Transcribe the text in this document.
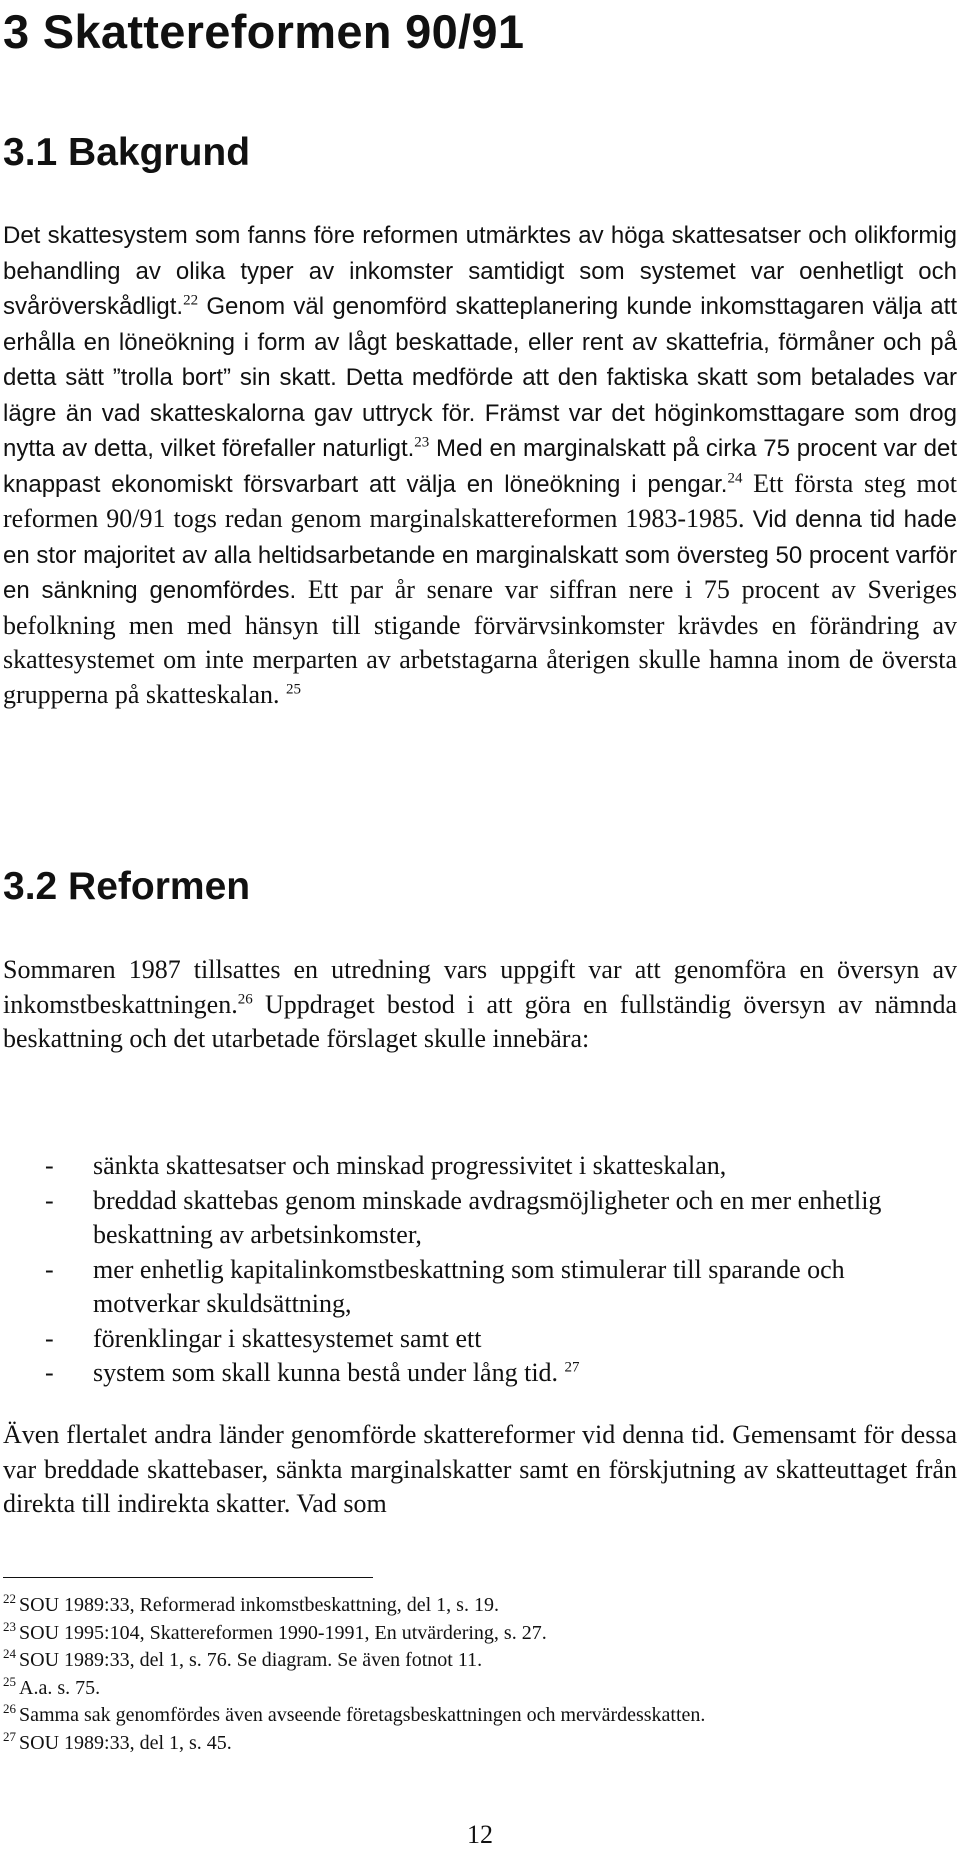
3 Skattereformen 90/91
3.1 Bakgrund

Det skattesystem som fanns före reformen utmärktes av höga skattesatser och olikformig behandling av olika typer av inkomster samtidigt som systemet var oenhetligt och svåröverskådligt.$^{22}$ Genom väl genomförd skatteplanering kunde inkomsttagaren välja att erhålla en löneökning i form av lågt beskattade, eller rent av skattefria, förmåner och på detta sätt ”trolla bort” sin skatt. Detta medförde att den faktiska skatt som betalades var lägre än vad skatteskalorna gav uttryck för. Främst var det höginkomsttagare som drog nytta av detta, vilket förefaller naturligt.$^{23}$ Med en marginalskatt på cirka 75 procent var det knappast ekonomiskt försvarbart att välja en löneökning i pengar.$^{24}$ Ett första steg mot reformen 90/91 togs redan genom marginalskattereformen 1983-1985. Vid denna tid hade en stor majoritet av alla heltidsarbetande en marginalskatt som översteg 50 procent varför en sänkning genomfördes. Ett par år senare var siffran nere i 75 procent av Sveriges befolkning men med hänsyn till stigande förvärvsinkomster krävdes en förändring av skattesystemet om inte merparten av arbetstagarna återigen skulle hamna inom de översta grupperna på skatteskalan. $^{25}$

3.2 Reformen

Sommaren 1987 tillsattes en utredning vars uppgift var att genomföra en översyn av inkomstbeskattningen.$^{26}$ Uppdraget bestod i att göra en fullständig översyn av nämnda beskattning och det utarbetade förslaget skulle innebära:

- sänkta skattesatser och minskad progressivitet i skatteskalan,
- breddad skattebas genom minskade avdragsmöjligheter och en mer enhetlig beskattning av arbetsinkomster,
- mer enhetlig kapitalinkomstbeskattning som stimulerar till sparande och motverkar skuldsättning,
- förenklingar i skattesystemet samt ett
- system som skall kunna bestå under lång tid. $^{27}$

Även flertalet andra länder genomförde skattereformer vid denna tid. Gemensamt för dessa var breddade skattebaser, sänkta marginalskatter samt en förskjutning av skatteuttaget från direkta till indirekta skatter. Vad som

$^{22}$ SOU 1989:33, Reformerad inkomstbeskattning, del 1, s. 19.
$^{23}$ SOU 1995:104, Skattereformen 1990-1991, En utvärdering, s. 27.
$^{24}$ SOU 1989:33, del 1, s. 76. Se diagram. Se även fotnot 11.
$^{25}$ A.a. s. 75.
$^{26}$ Samma sak genomfördes även avseende företagsbeskattningen och mervärdesskatten.
$^{27}$ SOU 1989:33, del 1, s. 45.
12
